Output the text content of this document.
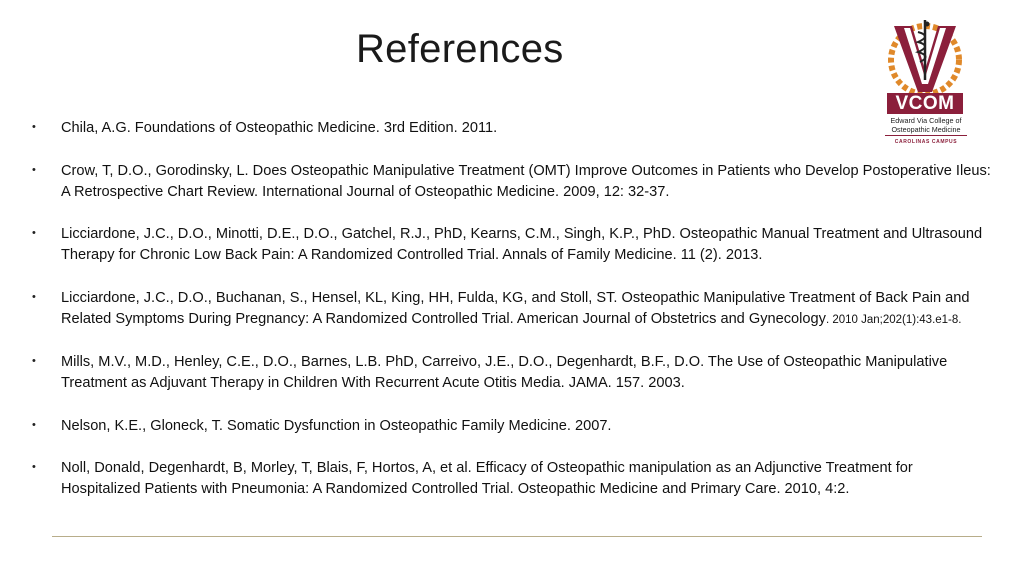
References
VCOM
Edward Via College of
Osteopathic Medicine
CAROLINAS CAMPUS
• Chila, A.G. Foundations of Osteopathic Medicine. 3rd Edition. 2011.
• Crow, T, D.O., Gorodinsky, L. Does Osteopathic Manipulative Treatment (OMT) Improve Outcomes in Patients who Develop Postoperative Ileus: A Retrospective Chart Review. International Journal of Osteopathic Medicine. 2009, 12: 32-37.
• Licciardone, J.C., D.O., Minotti, D.E., D.O., Gatchel, R.J., PhD, Kearns, C.M., Singh, K.P., PhD. Osteopathic Manual Treatment and Ultrasound Therapy for Chronic Low Back Pain: A Randomized Controlled Trial. Annals of Family Medicine. 11 (2). 2013.
• Licciardone, J.C., D.O., Buchanan, S., Hensel, KL, King, HH, Fulda, KG, and Stoll, ST. Osteopathic Manipulative Treatment of Back Pain and Related Symptoms During Pregnancy: A Randomized Controlled Trial. American Journal of Obstetrics and Gynecology. 2010 Jan;202(1):43.e1-8.
• Mills, M.V., M.D., Henley, C.E., D.O., Barnes, L.B. PhD, Carreivo, J.E., D.O., Degenhardt, B.F., D.O. The Use of Osteopathic Manipulative Treatment as Adjuvant Therapy in Children With Recurrent Acute Otitis Media. JAMA. 157. 2003.
• Nelson, K.E., Gloneck, T. Somatic Dysfunction in Osteopathic Family Medicine. 2007.
• Noll, Donald, Degenhardt, B, Morley, T, Blais, F, Hortos, A, et al. Efficacy of Osteopathic manipulation as an Adjunctive Treatment for Hospitalized Patients with Pneumonia: A Randomized Controlled Trial. Osteopathic Medicine and Primary Care. 2010, 4:2.
